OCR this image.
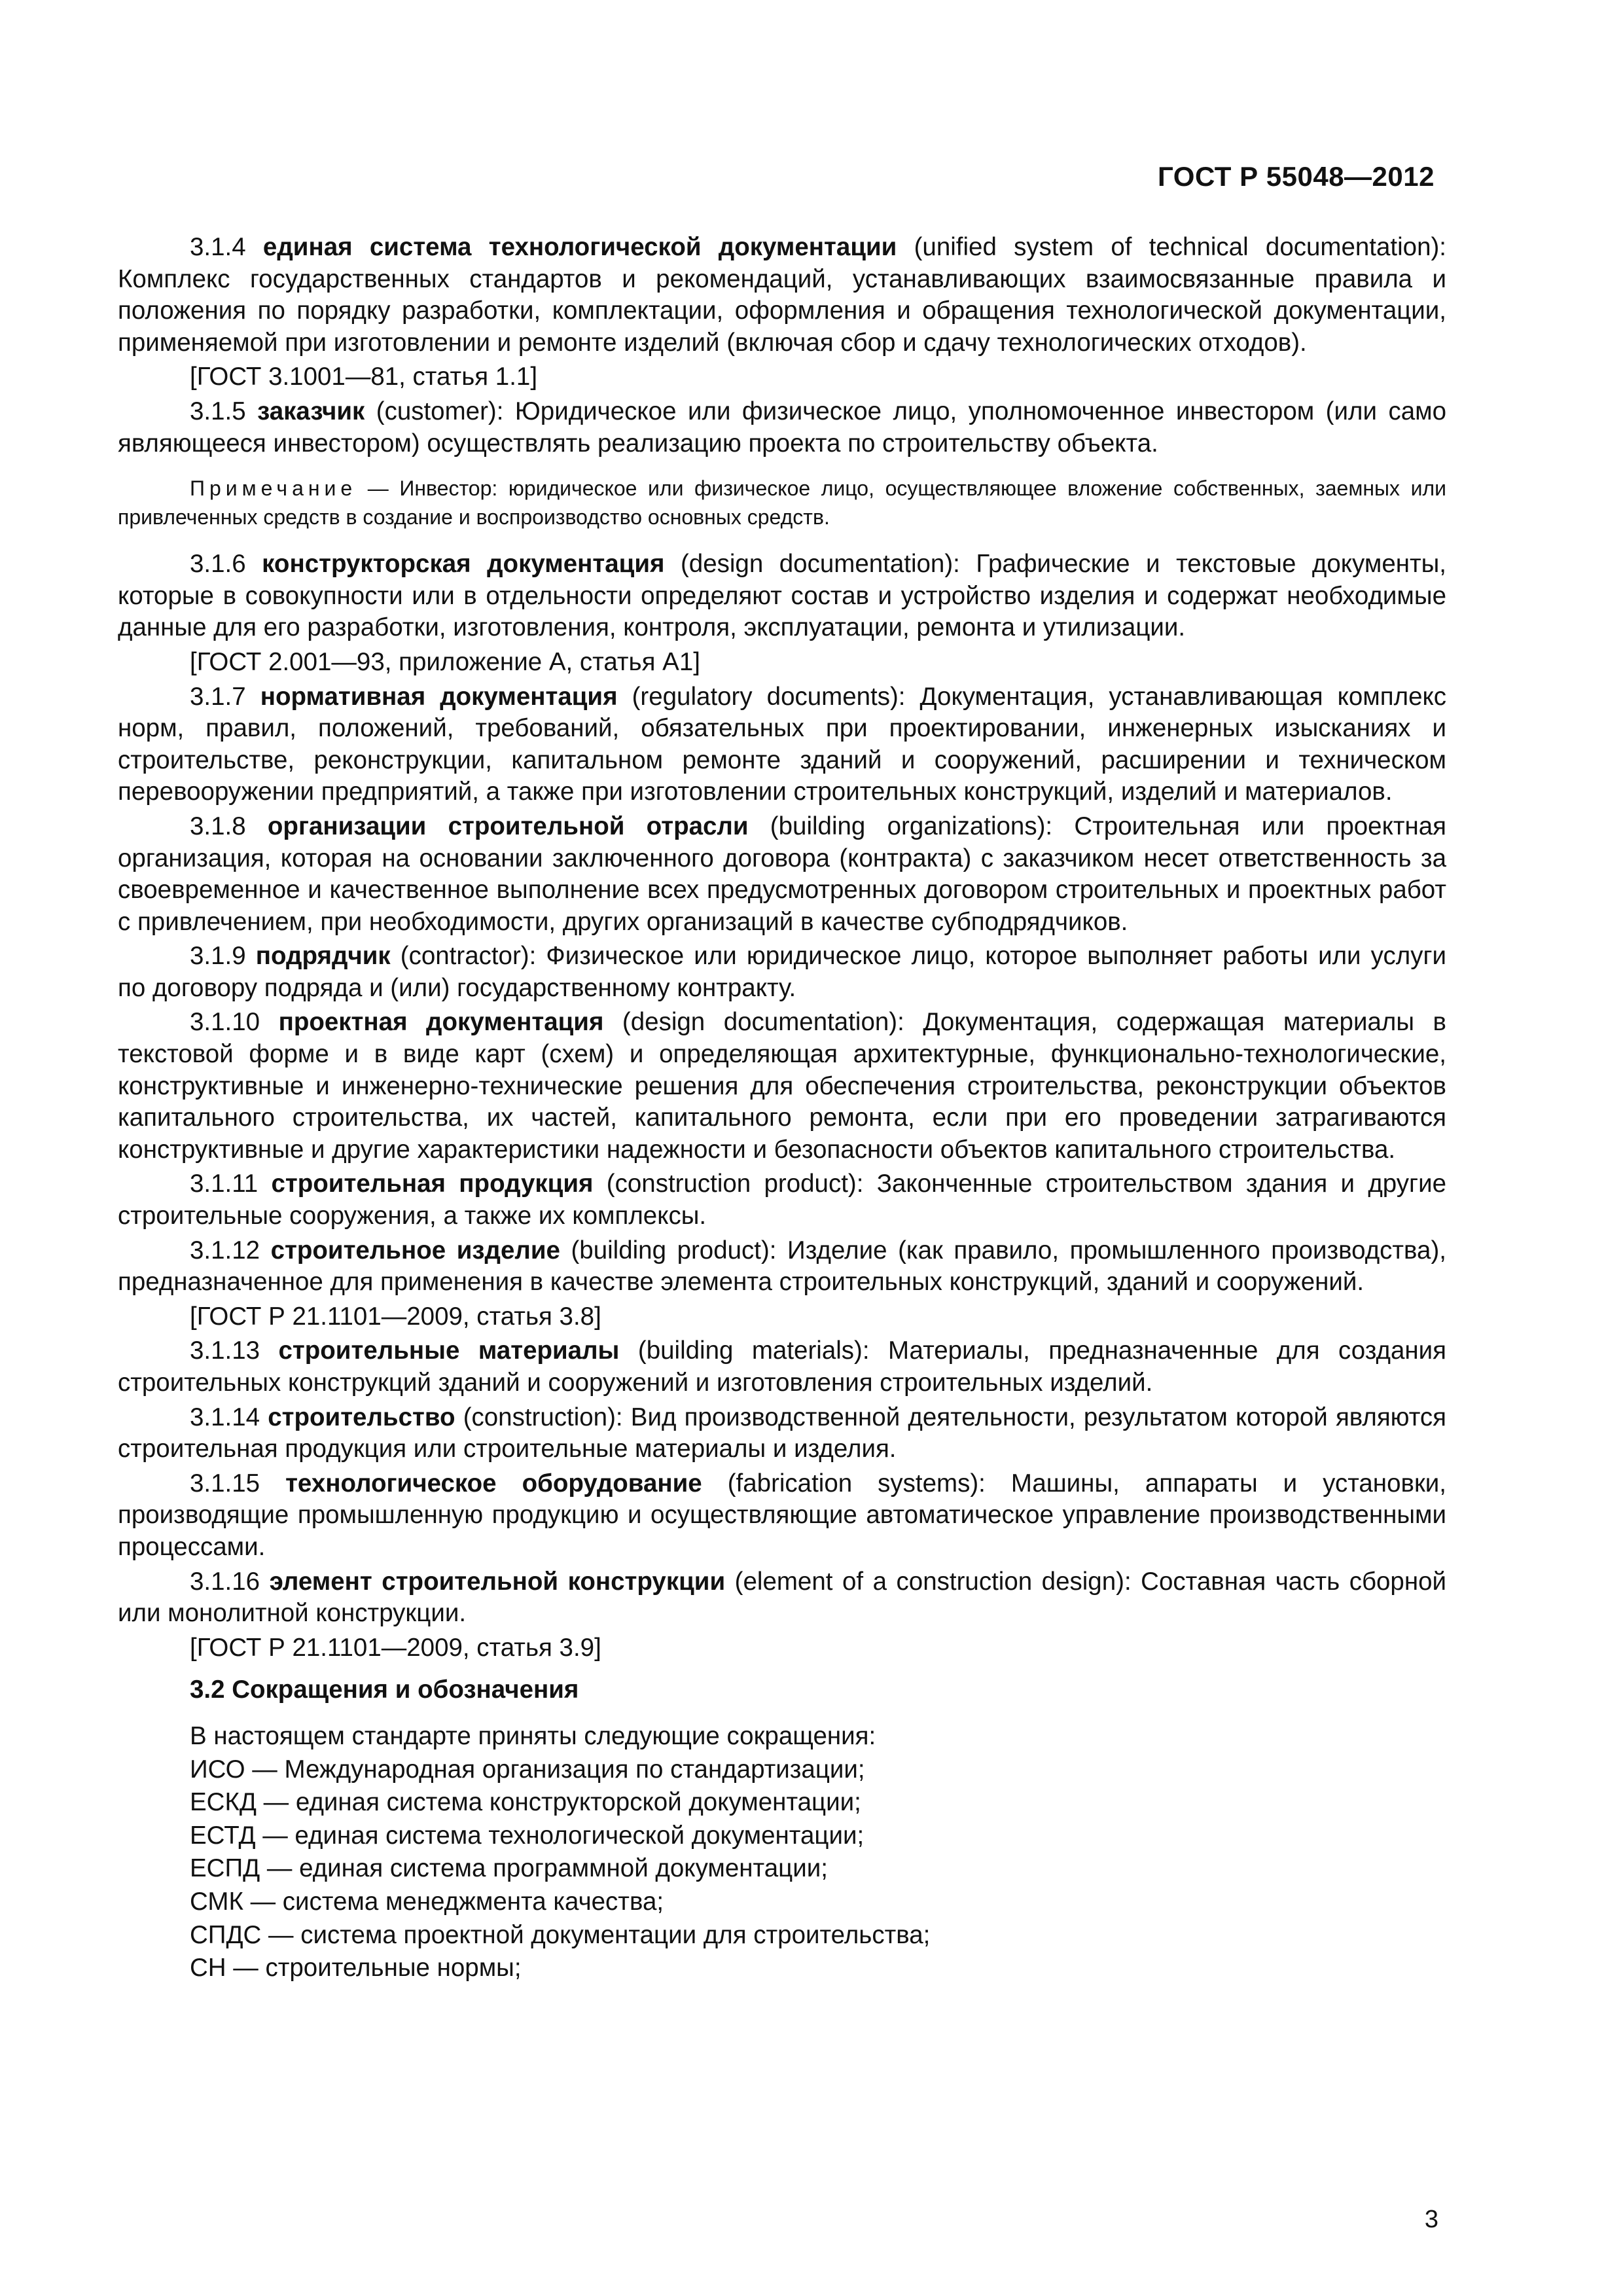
ГОСТ Р 55048—2012

3.1.4 единая система технологической документации (unified system of technical documentation): Комплекс государственных стандартов и рекомендаций, устанавливающих взаимосвязанные правила и положения по порядку разработки, комплектации, оформления и обращения технологической документации, применяемой при изготовлении и ремонте изделий (включая сбор и сдачу технологических отходов).

[ГОСТ 3.1001—81, статья 1.1]

3.1.5 заказчик (customer): Юридическое или физическое лицо, уполномоченное инвестором (или само являющееся инвестором) осуществлять реализацию проекта по строительству объекта.

Примечание — Инвестор: юридическое или физическое лицо, осуществляющее вложение собственных, заемных или привлеченных средств в создание и воспроизводство основных средств.

3.1.6 конструкторская документация (design documentation): Графические и текстовые документы, которые в совокупности или в отдельности определяют состав и устройство изделия и содержат необходимые данные для его разработки, изготовления, контроля, эксплуатации, ремонта и утилизации.

[ГОСТ 2.001—93, приложение А, статья А1]

3.1.7 нормативная документация (regulatory documents): Документация, устанавливающая комплекс норм, правил, положений, требований, обязательных при проектировании, инженерных изысканиях и строительстве, реконструкции, капитальном ремонте зданий и сооружений, расширении и техническом перевооружении предприятий, а также при изготовлении строительных конструкций, изделий и материалов.

3.1.8 организации строительной отрасли (building organizations): Строительная или проектная организация, которая на основании заключенного договора (контракта) с заказчиком несет ответственность за своевременное и качественное выполнение всех предусмотренных договором строительных и проектных работ с привлечением, при необходимости, других организаций в качестве субподрядчиков.

3.1.9 подрядчик (contractor): Физическое или юридическое лицо, которое выполняет работы или услуги по договору подряда и (или) государственному контракту.

3.1.10 проектная документация (design documentation): Документация, содержащая материалы в текстовой форме и в виде карт (схем) и определяющая архитектурные, функционально-технологические, конструктивные и инженерно-технические решения для обеспечения строительства, реконструкции объектов капитального строительства, их частей, капитального ремонта, если при его проведении затрагиваются конструктивные и другие характеристики надежности и безопасности объектов капитального строительства.

3.1.11 строительная продукция (construction product): Законченные строительством здания и другие строительные сооружения, а также их комплексы.

3.1.12 строительное изделие (building product): Изделие (как правило, промышленного производства), предназначенное для применения в качестве элемента строительных конструкций, зданий и сооружений.

[ГОСТ Р 21.1101—2009, статья 3.8]

3.1.13 строительные материалы (building materials): Материалы, предназначенные для создания строительных конструкций зданий и сооружений и изготовления строительных изделий.

3.1.14 строительство (construction): Вид производственной деятельности, результатом которой являются строительная продукция или строительные материалы и изделия.

3.1.15 технологическое оборудование (fabrication systems): Машины, аппараты и установки, производящие промышленную продукцию и осуществляющие автоматическое управление производственными процессами.

3.1.16 элемент строительной конструкции (element of a construction design): Составная часть сборной или монолитной конструкции.

[ГОСТ Р 21.1101—2009, статья 3.9]
3.2 Сокращения и обозначения
В настоящем стандарте приняты следующие сокращения:
ИСО — Международная организация по стандартизации;
ЕСКД — единая система конструкторской документации;
ЕСТД — единая система технологической документации;
ЕСПД — единая система программной документации;
СМК — система менеджмента качества;
СПДС — система проектной документации для строительства;
СН — строительные нормы;
3
